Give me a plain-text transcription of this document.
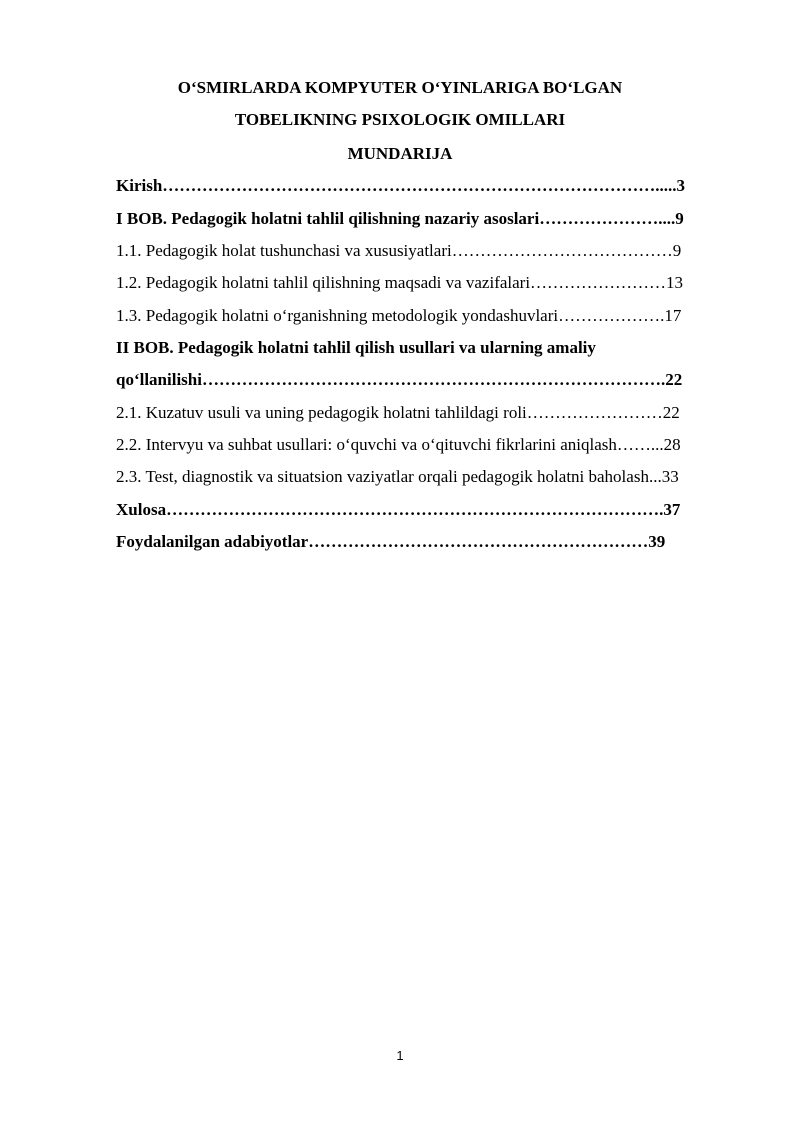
O‘SMIRLARDA KOMPYUTER O‘YINLARIGA BO‘LGAN
TOBELIKNING PSIXOLOGIK OMILLARI
MUNDARIJA
Kirish…………………………………………………………………………….....3
I BOB. Pedagogik holatni tahlil qilishning nazariy asoslari…………………....9
1.1. Pedagogik holat tushunchasi va xususiyatlari…………………………………9
1.2. Pedagogik holatni tahlil qilishning maqsadi va vazifalari……………………13
1.3. Pedagogik holatni o‘rganishning metodologik yondashuvlari……………….17
II BOB. Pedagogik holatni tahlil qilish usullari va ularning amaliy
qo‘llanilishi……………………………………………………………………….22
2.1. Kuzatuv usuli va uning pedagogik holatni tahlildagi roli……………………22
2.2. Intervyu va suhbat usullari: o‘quvchi va o‘qituvchi fikrlarini aniqlash……...28
2.3. Test, diagnostik va situatsion vaziyatlar orqali pedagogik holatni baholash...33
Xulosa…………………………………………………………………………….37
Foydalanilgan adabiyotlar……………………………………………………39
1
